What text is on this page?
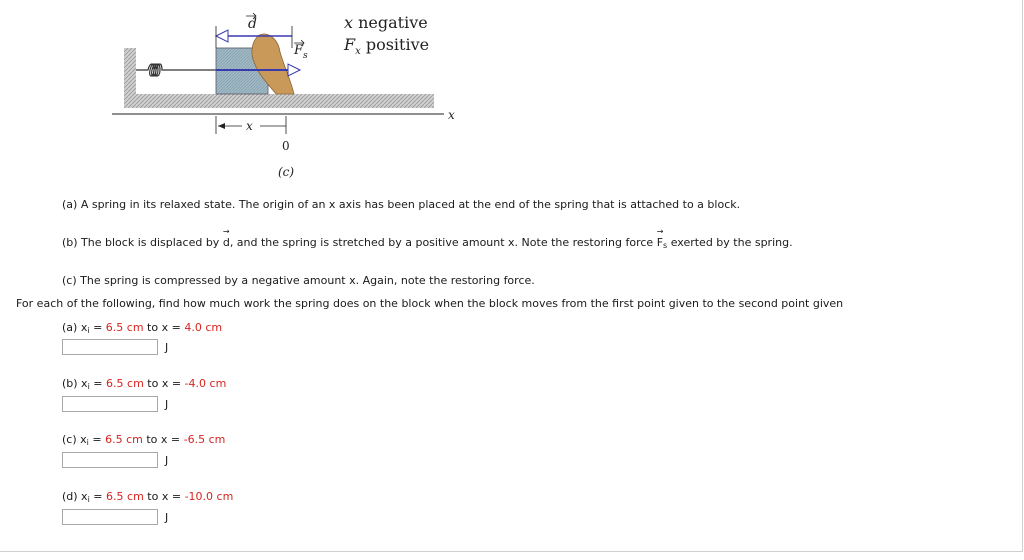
d
F s
x
0
x
(c)
x negative
$F_x$ positive
(a) A spring in its relaxed state. The origin of an x axis has been placed at the end of the spring that is attached to a block.
(b) The block is displaced by → d, and the spring is stretched by a positive amount x. Note the restoring force → $F_s$ exerted by the spring.
(c) The spring is compressed by a negative amount x. Again, note the restoring force.
For each of the following, find how much work the spring does on the block when the block moves from the first point given to the second point given
(a) $x_i = 6.5$ cm to x = 4.0 cm
J
(b) $x_i = 6.5$ cm to x = -4.0 cm
J
(c) $x_i = 6.5$ cm to x = -6.5 cm
J
(d) $x_i = 6.5$ cm to x = -10.0 cm
J
